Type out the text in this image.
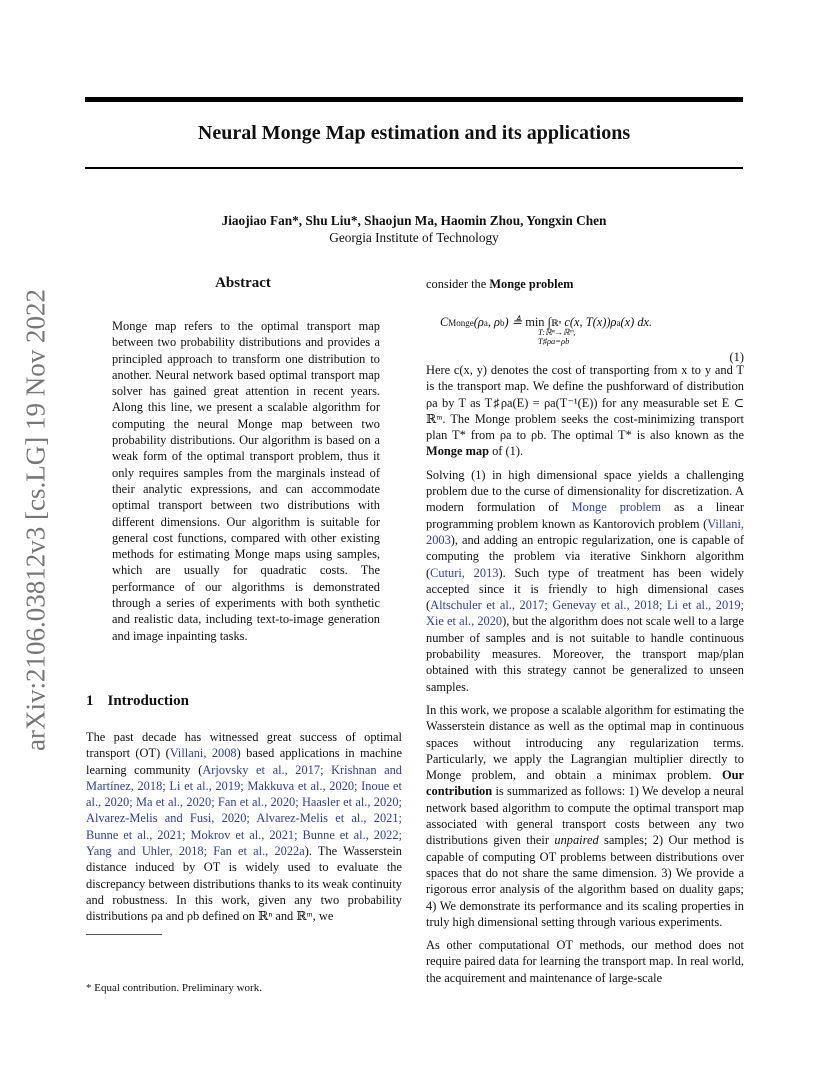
Neural Monge Map estimation and its applications
Jiaojiao Fan*, Shu Liu*, Shaojun Ma, Haomin Zhou, Yongxin Chen
Georgia Institute of Technology
arXiv:2106.03812v3 [cs.LG] 19 Nov 2022
Abstract
Monge map refers to the optimal transport map between two probability distributions and provides a principled approach to transform one distribution to another. Neural network based optimal transport map solver has gained great attention in recent years. Along this line, we present a scalable algorithm for computing the neural Monge map between two probability distributions. Our algorithm is based on a weak form of the optimal transport problem, thus it only requires samples from the marginals instead of their analytic expressions, and can accommodate optimal transport between two distributions with different dimensions. Our algorithm is suitable for general cost functions, compared with other existing methods for estimating Monge maps using samples, which are usually for quadratic costs. The performance of our algorithms is demonstrated through a series of experiments with both synthetic and realistic data, including text-to-image generation and image inpainting tasks.
1 Introduction
The past decade has witnessed great success of optimal transport (OT) (Villani, 2008) based applications in machine learning community (Arjovsky et al., 2017; Krishnan and Martínez, 2018; Li et al., 2019; Makkuva et al., 2020; Inoue et al., 2020; Ma et al., 2020; Fan et al., 2020; Haasler et al., 2020; Alvarez-Melis and Fusi, 2020; Alvarez-Melis et al., 2021; Bunne et al., 2021; Mokrov et al., 2021; Bunne et al., 2022; Yang and Uhler, 2018; Fan et al., 2022a). The Wasserstein distance induced by OT is widely used to evaluate the discrepancy between distributions thanks to its weak continuity and robustness. In this work, given any two probability distributions ρa and ρb defined on ℝⁿ and ℝᵐ, we
* Equal contribution. Preliminary work.
consider the Monge problem
CMonge(ρa, ρb) ≜ min ∫ℝⁿ c(x, T(x))ρa(x) dx.
T:ℝⁿ→ℝᵐ,
T♯ρa=ρb
(1)

Here c(x, y) denotes the cost of transporting from x to y and T is the transport map. We define the pushforward of distribution ρa by T as T♯ρa(E) = ρa(T⁻¹(E)) for any measurable set E ⊂ ℝᵐ. The Monge problem seeks the cost-minimizing transport plan T* from ρa to ρb. The optimal T* is also known as the Monge map of (1).

Solving (1) in high dimensional space yields a challenging problem due to the curse of dimensionality for discretization. A modern formulation of Monge problem as a linear programming problem known as Kantorovich problem (Villani, 2003), and adding an entropic regularization, one is capable of computing the problem via iterative Sinkhorn algorithm (Cuturi, 2013). Such type of treatment has been widely accepted since it is friendly to high dimensional cases (Altschuler et al., 2017; Genevay et al., 2018; Li et al., 2019; Xie et al., 2020), but the algorithm does not scale well to a large number of samples and is not suitable to handle continuous probability measures. Moreover, the transport map/plan obtained with this strategy cannot be generalized to unseen samples.

In this work, we propose a scalable algorithm for estimating the Wasserstein distance as well as the optimal map in continuous spaces without introducing any regularization terms. Particularly, we apply the Lagrangian multiplier directly to Monge problem, and obtain a minimax problem. Our contribution is summarized as follows: 1) We develop a neural network based algorithm to compute the optimal transport map associated with general transport costs between any two distributions given their unpaired samples; 2) Our method is capable of computing OT problems between distributions over spaces that do not share the same dimension. 3) We provide a rigorous error analysis of the algorithm based on duality gaps; 4) We demonstrate its performance and its scaling properties in truly high dimensional setting through various experiments.

As other computational OT methods, our method does not require paired data for learning the transport map. In real world, the acquirement and maintenance of large-scale
